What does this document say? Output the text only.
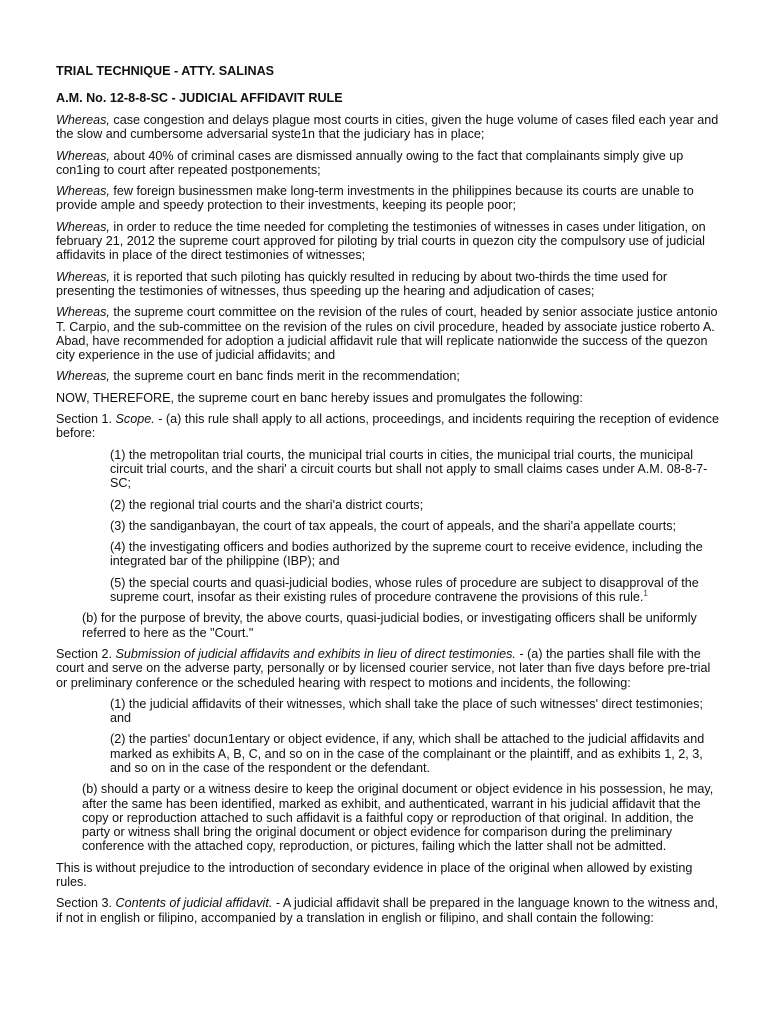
TRIAL TECHNIQUE - ATTY. SALINAS
A.M. No. 12-8-8-SC - JUDICIAL AFFIDAVIT RULE

Whereas, case congestion and delays plague most courts in cities, given the huge volume of cases filed each year and the slow and cumbersome adversarial syste1n that the judiciary has in place;

Whereas, about 40% of criminal cases are dismissed annually owing to the fact that complainants simply give up con1ing to court after repeated postponements;

Whereas, few foreign businessmen make long-term investments in the philippines because its courts are unable to provide ample and speedy protection to their investments, keeping its people poor;

Whereas, in order to reduce the time needed for completing the testimonies of witnesses in cases under litigation, on february 21, 2012 the supreme court approved for piloting by trial courts in quezon city the compulsory use of judicial affidavits in place of the direct testimonies of witnesses;

Whereas, it is reported that such piloting has quickly resulted in reducing by about two-thirds the time used for presenting the testimonies of witnesses, thus speeding up the hearing and adjudication of cases;

Whereas, the supreme court committee on the revision of the rules of court, headed by senior associate justice antonio T. Carpio, and the sub-committee on the revision of the rules on civil procedure, headed by associate justice roberto A. Abad, have recommended for adoption a judicial affidavit rule that will replicate nationwide the success of the quezon city experience in the use of judicial affidavits; and

Whereas, the supreme court en banc finds merit in the recommendation;

NOW, THEREFORE, the supreme court en banc hereby issues and promulgates the following:

Section 1. Scope. - (a) this rule shall apply to all actions, proceedings, and incidents requiring the reception of evidence before:

(1) the metropolitan trial courts, the municipal trial courts in cities, the municipal trial courts, the municipal circuit trial courts, and the shari' a circuit courts but shall not apply to small claims cases under A.M. 08-8-7-SC;

(2) the regional trial courts and the shari'a district courts;

(3) the sandiganbayan, the court of tax appeals, the court of appeals, and the shari'a appellate courts;

(4) the investigating officers and bodies authorized by the supreme court to receive evidence, including the integrated bar of the philippine (IBP); and

(5) the special courts and quasi-judicial bodies, whose rules of procedure are subject to disapproval of the supreme court, insofar as their existing rules of procedure contravene the provisions of this rule.$^1$

(b) for the purpose of brevity, the above courts, quasi-judicial bodies, or investigating officers shall be uniformly referred to here as the "Court."

Section 2. Submission of judicial affidavits and exhibits in lieu of direct testimonies. - (a) the parties shall file with the court and serve on the adverse party, personally or by licensed courier service, not later than five days before pre-trial or preliminary conference or the scheduled hearing with respect to motions and incidents, the following:

(1) the judicial affidavits of their witnesses, which shall take the place of such witnesses' direct testimonies; and

(2) the parties' docun1entary or object evidence, if any, which shall be attached to the judicial affidavits and marked as exhibits A, B, C, and so on in the case of the complainant or the plaintiff, and as exhibits 1, 2, 3, and so on in the case of the respondent or the defendant.

(b) should a party or a witness desire to keep the original document or object evidence in his possession, he may, after the same has been identified, marked as exhibit, and authenticated, warrant in his judicial affidavit that the copy or reproduction attached to such affidavit is a faithful copy or reproduction of that original. In addition, the party or witness shall bring the original document or object evidence for comparison during the preliminary conference with the attached copy, reproduction, or pictures, failing which the latter shall not be admitted.

This is without prejudice to the introduction of secondary evidence in place of the original when allowed by existing rules.

Section 3. Contents of judicial affidavit. - A judicial affidavit shall be prepared in the language known to the witness and, if not in english or filipino, accompanied by a translation in english or filipino, and shall contain the following:
